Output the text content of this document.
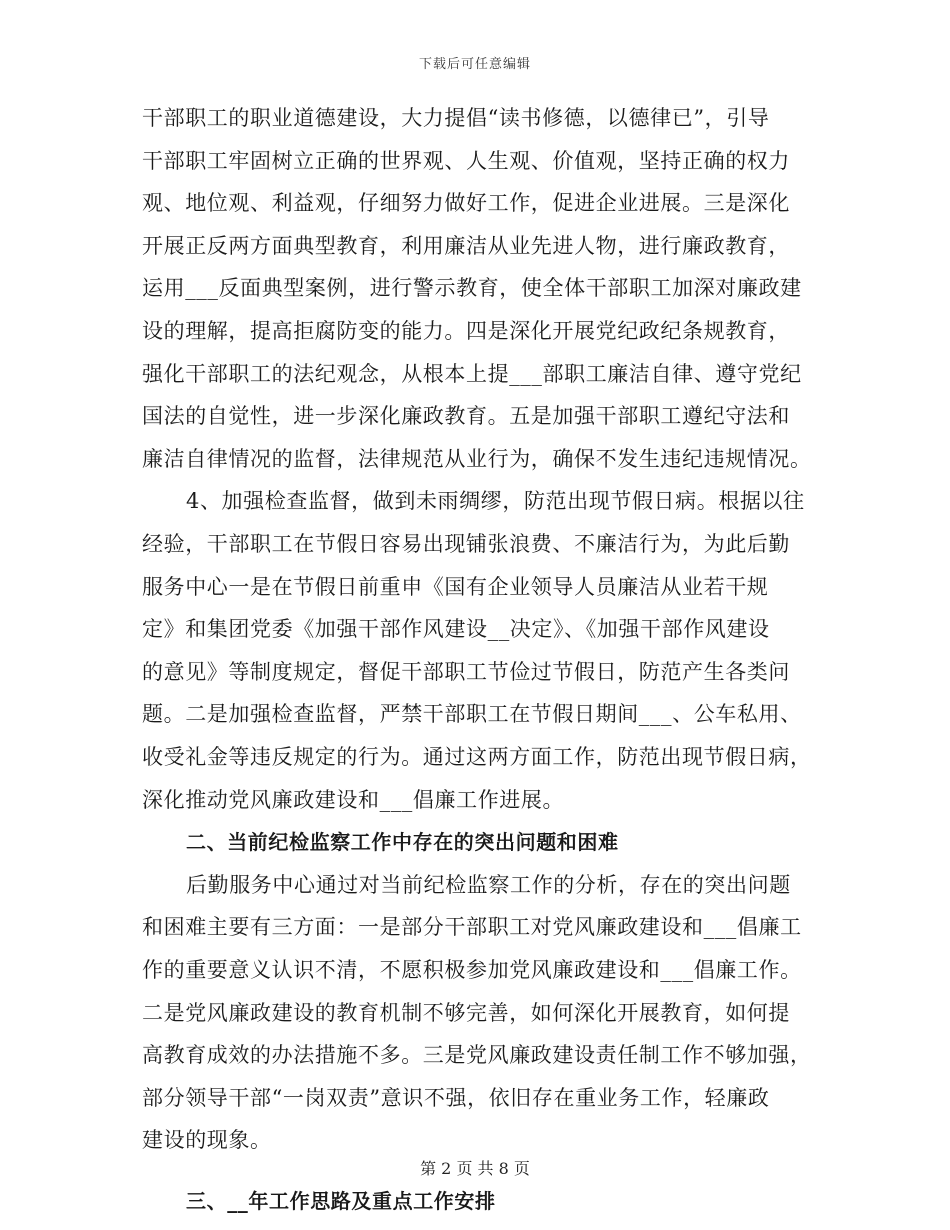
下载后可任意编辑
干部职工的职业道德建设，大力提倡“读书修德，以德律已”，引导
干部职工牢固树立正确的世界观、人生观、价值观，坚持正确的权力
观、地位观、利益观，仔细努力做好工作，促进企业进展。三是深化
开展正反两方面典型教育，利用廉洁从业先进人物，进行廉政教育，
运用___反面典型案例，进行警示教育，使全体干部职工加深对廉政建
设的理解，提高拒腐防变的能力。四是深化开展党纪政纪条规教育，
强化干部职工的法纪观念，从根本上提___部职工廉洁自律、遵守党纪
国法的自觉性，进一步深化廉政教育。五是加强干部职工遵纪守法和
廉洁自律情况的监督，法律规范从业行为，确保不发生违纪违规情况。
4、加强检查监督，做到未雨绸缪，防范出现节假日病。根据以往
经验，干部职工在节假日容易出现铺张浪费、不廉洁行为，为此后勤
服务中心一是在节假日前重申《国有企业领导人员廉洁从业若干规
定》和集团党委《加强干部作风建设__决定》、《加强干部作风建设
的意见》等制度规定，督促干部职工节俭过节假日，防范产生各类问
题。二是加强检查监督，严禁干部职工在节假日期间___、公车私用、
收受礼金等违反规定的行为。通过这两方面工作，防范出现节假日病，
深化推动党风廉政建设和___倡廉工作进展。
二、当前纪检监察工作中存在的突出问题和困难
后勤服务中心通过对当前纪检监察工作的分析，存在的突出问题
和困难主要有三方面：一是部分干部职工对党风廉政建设和___倡廉工
作的重要意义认识不清，不愿积极参加党风廉政建设和___倡廉工作。
二是党风廉政建设的教育机制不够完善，如何深化开展教育，如何提
高教育成效的办法措施不多。三是党风廉政建设责任制工作不够加强，
部分领导干部“一岗双责”意识不强，依旧存在重业务工作，轻廉政
建设的现象。
三、__年工作思路及重点工作安排
第 2 页 共 8 页
